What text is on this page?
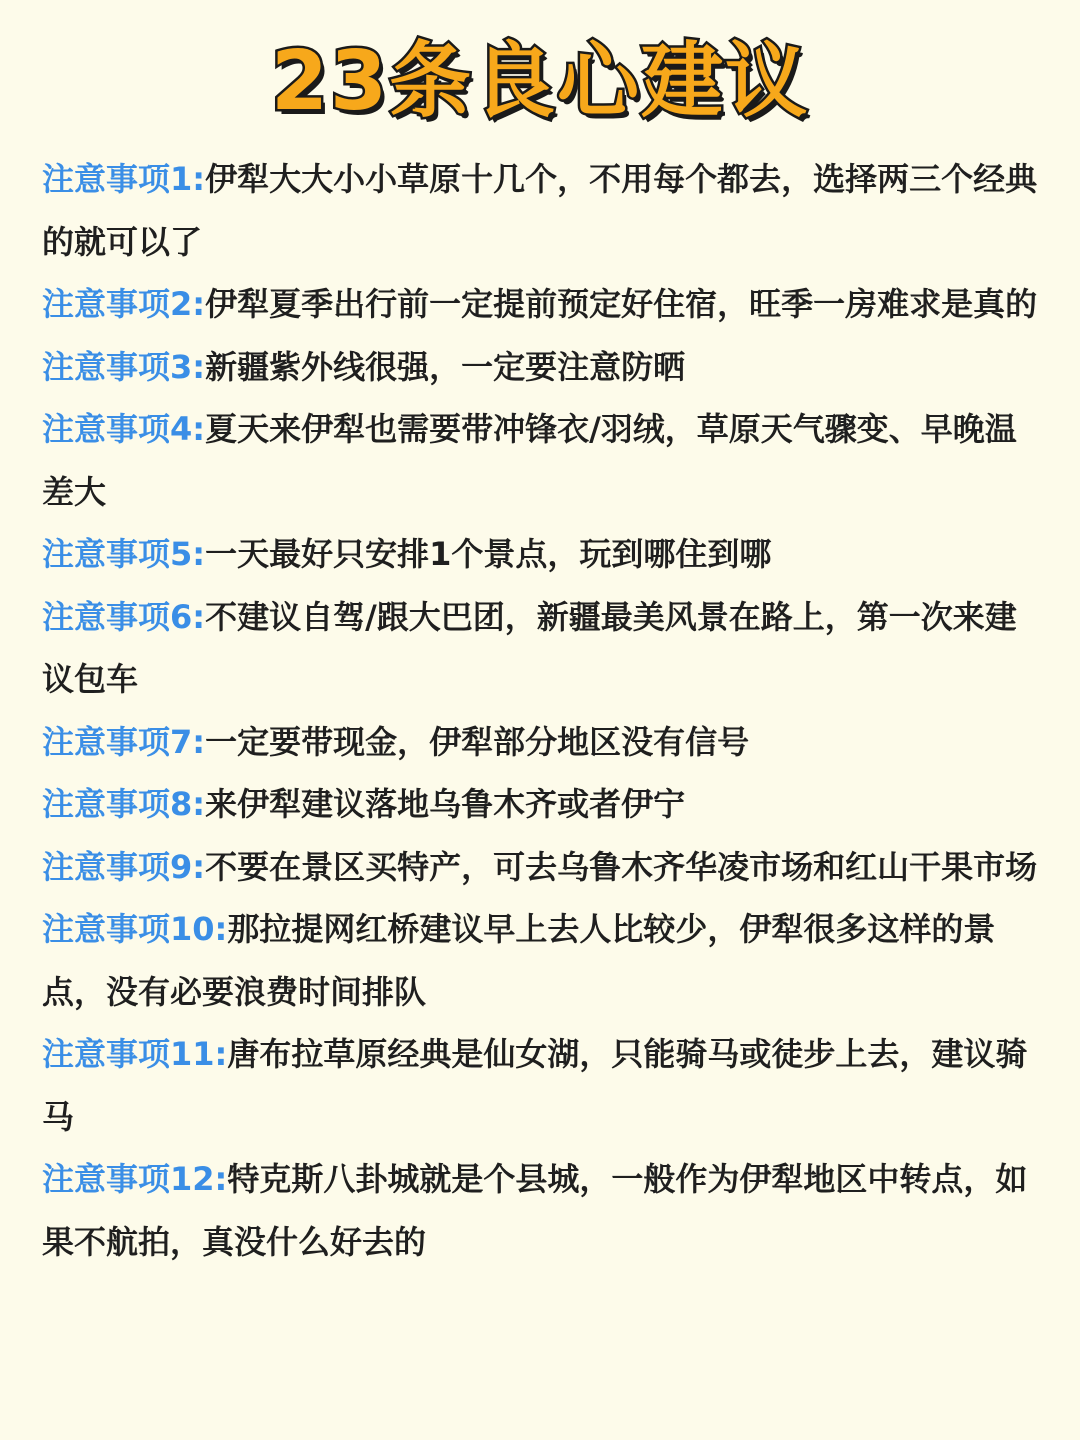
23条良心建议
注意事项1:伊犁大大小小草原十几个，不用每个都去，选择两三个经典的就可以了
注意事项2:伊犁夏季出行前一定提前预定好住宿，旺季一房难求是真的
注意事项3:新疆紫外线很强，一定要注意防晒
注意事项4:夏天来伊犁也需要带冲锋衣/羽绒，草原天气骤变、早晚温差大
注意事项5:一天最好只安排1个景点，玩到哪住到哪
注意事项6:不建议自驾/跟大巴团，新疆最美风景在路上，第一次来建议包车
注意事项7:一定要带现金，伊犁部分地区没有信号
注意事项8:来伊犁建议落地乌鲁木齐或者伊宁
注意事项9:不要在景区买特产，可去乌鲁木齐华凌市场和红山干果市场
注意事项10:那拉提网红桥建议早上去人比较少，伊犁很多这样的景点，没有必要浪费时间排队
注意事项11:唐布拉草原经典是仙女湖，只能骑马或徒步上去，建议骑马
注意事项12:特克斯八卦城就是个县城，一般作为伊犁地区中转点，如果不航拍，真没什么好去的
